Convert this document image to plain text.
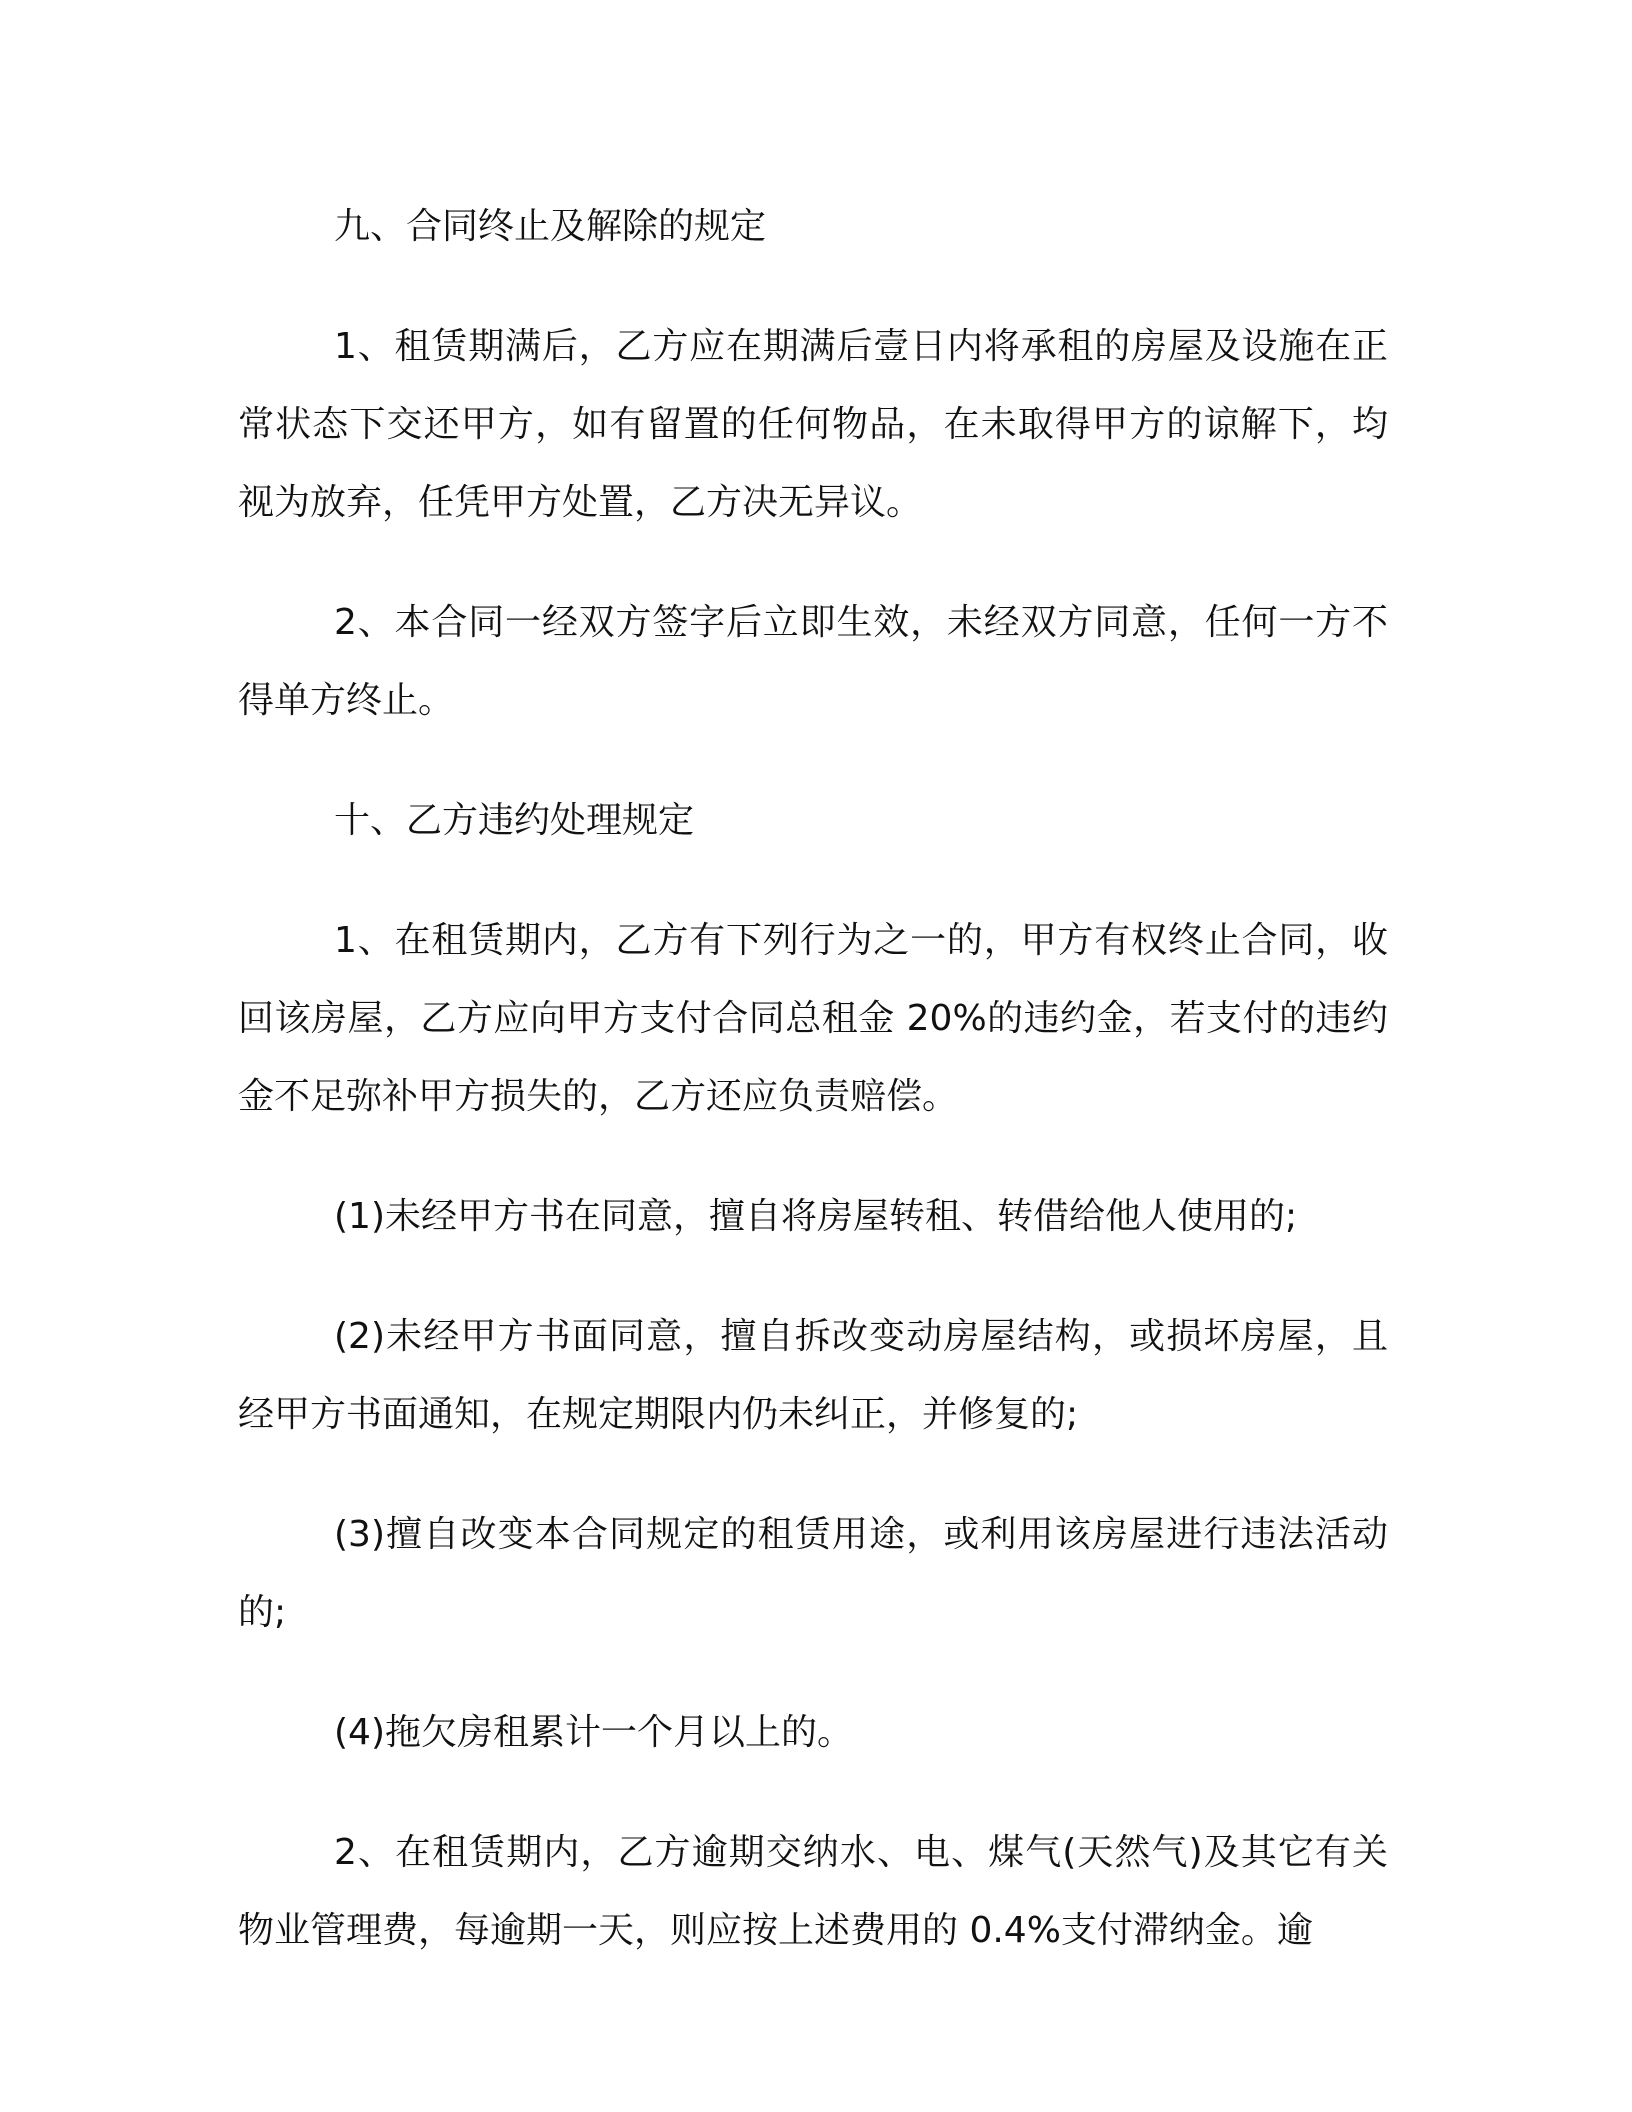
九、合同终止及解除的规定

1、租赁期满后，乙方应在期满后壹日内将承租的房屋及设施在正常状态下交还甲方，如有留置的任何物品，在未取得甲方的谅解下，均视为放弃，任凭甲方处置，乙方决无异议。

2、本合同一经双方签字后立即生效，未经双方同意，任何一方不得单方终止。

十、乙方违约处理规定

1、在租赁期内，乙方有下列行为之一的，甲方有权终止合同，收回该房屋，乙方应向甲方支付合同总租金 20%的违约金，若支付的违约金不足弥补甲方损失的，乙方还应负责赔偿。

(1)未经甲方书在同意，擅自将房屋转租、转借给他人使用的;

(2)未经甲方书面同意，擅自拆改变动房屋结构，或损坏房屋，且经甲方书面通知，在规定期限内仍未纠正，并修复的;

(3)擅自改变本合同规定的租赁用途，或利用该房屋进行违法活动的;

(4)拖欠房租累计一个月以上的。

2、在租赁期内，乙方逾期交纳水、电、煤气(天然气)及其它有关物业管理费，每逾期一天，则应按上述费用的 0.4%支付滞纳金。逾
